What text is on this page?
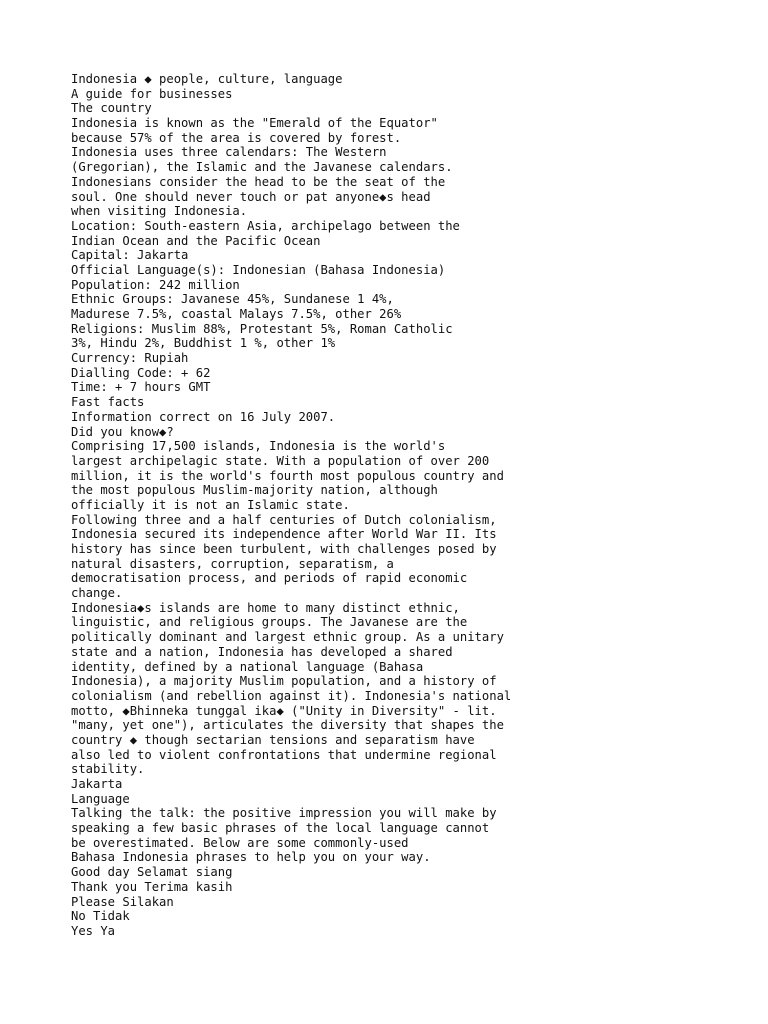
Indonesia ◆ people, culture, language
A guide for businesses
The country
Indonesia is known as the "Emerald of the Equator"
because 57% of the area is covered by forest.
Indonesia uses three calendars: The Western
(Gregorian), the Islamic and the Javanese calendars.
Indonesians consider the head to be the seat of the
soul. One should never touch or pat anyone◆s head
when visiting Indonesia.
Location: South-eastern Asia, archipelago between the
Indian Ocean and the Pacific Ocean
Capital: Jakarta
Official Language(s): Indonesian (Bahasa Indonesia)
Population: 242 million
Ethnic Groups: Javanese 45%, Sundanese 1 4%,
Madurese 7.5%, coastal Malays 7.5%, other 26%
Religions: Muslim 88%, Protestant 5%, Roman Catholic
3%, Hindu 2%, Buddhist 1 %, other 1%
Currency: Rupiah
Dialling Code: + 62
Time: + 7 hours GMT
Fast facts
Information correct on 16 July 2007.
Did you know◆?
Comprising 17,500 islands, Indonesia is the world's
largest archipelagic state. With a population of over 200
million, it is the world's fourth most populous country and
the most populous Muslim-majority nation, although
officially it is not an Islamic state.
Following three and a half centuries of Dutch colonialism,
Indonesia secured its independence after World War II. Its
history has since been turbulent, with challenges posed by
natural disasters, corruption, separatism, a
democratisation process, and periods of rapid economic
change.
Indonesia◆s islands are home to many distinct ethnic,
linguistic, and religious groups. The Javanese are the
politically dominant and largest ethnic group. As a unitary
state and a nation, Indonesia has developed a shared
identity, defined by a national language (Bahasa
Indonesia), a majority Muslim population, and a history of
colonialism (and rebellion against it). Indonesia's national
motto, ◆Bhinneka tunggal ika◆ ("Unity in Diversity" - lit.
"many, yet one"), articulates the diversity that shapes the
country ◆ though sectarian tensions and separatism have
also led to violent confrontations that undermine regional
stability.
Jakarta
Language
Talking the talk: the positive impression you will make by
speaking a few basic phrases of the local language cannot
be overestimated. Below are some commonly-used
Bahasa Indonesia phrases to help you on your way.
Good day Selamat siang
Thank you Terima kasih
Please Silakan
No Tidak
Yes Ya
